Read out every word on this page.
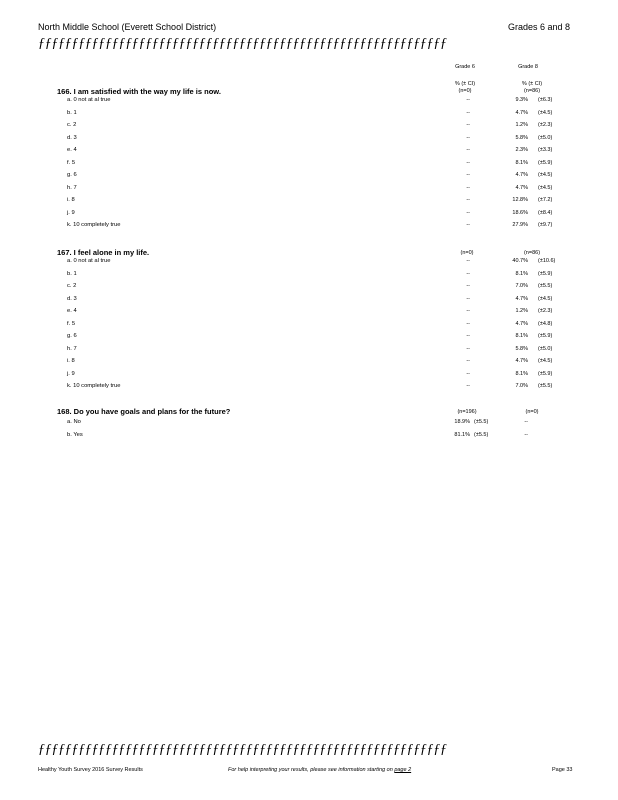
North Middle School (Everett School District)	Grades 6 and 8
ƒƒƒƒƒƒƒƒƒƒƒƒƒƒƒƒƒƒƒƒƒƒƒƒƒƒƒƒƒƒƒƒƒƒƒƒƒƒƒƒƒƒƒƒƒƒƒƒƒƒƒƒƒƒƒƒƒƒƒƒƒ
Grade 6	Grade 8
% (± CI)	% (± CI)
166. I am satisfied with the way my life is now.	(n=0)	(n=86)
a. 0 not at al true	--	9.3% (±6.3)
b. 1	--	4.7% (±4.5)
c. 2	--	1.2% (±2.3)
d. 3	--	5.8% (±5.0)
e. 4	--	2.3% (±3.3)
f. 5	--	8.1% (±5.9)
g. 6	--	4.7% (±4.5)
h. 7	--	4.7% (±4.5)
i. 8	--	12.8% (±7.2)
j. 9	--	18.6% (±8.4)
k. 10 completely true	--	27.9% (±9.7)
167. I feel alone in my life.	(n=0)	(n=86)
a. 0 not at al true	--	40.7% (±10.6)
b. 1	--	8.1% (±5.9)
c. 2	--	7.0% (±5.5)
d. 3	--	4.7% (±4.5)
e. 4	--	1.2% (±2.3)
f. 5	--	4.7% (±4.8)
g. 6	--	8.1% (±5.9)
h. 7	--	5.8% (±5.0)
i. 8	--	4.7% (±4.5)
j. 9	--	8.1% (±5.9)
k. 10 completely true	--	7.0% (±5.5)
168. Do you have goals and plans for the future?	(n=196)	(n=0)
a. No	18.9% (±5.5)	--
b. Yes	81.1% (±5.5)	--
ƒƒƒƒƒƒƒƒƒƒƒƒƒƒƒƒƒƒƒƒƒƒƒƒƒƒƒƒƒƒƒƒƒƒƒƒƒƒƒƒƒƒƒƒƒƒƒƒƒƒƒƒƒƒƒƒƒƒƒƒƒ
Healthy Youth Survey 2016 Survey Results	For help interpreting your results, please see information starting on page 2	Page 33
